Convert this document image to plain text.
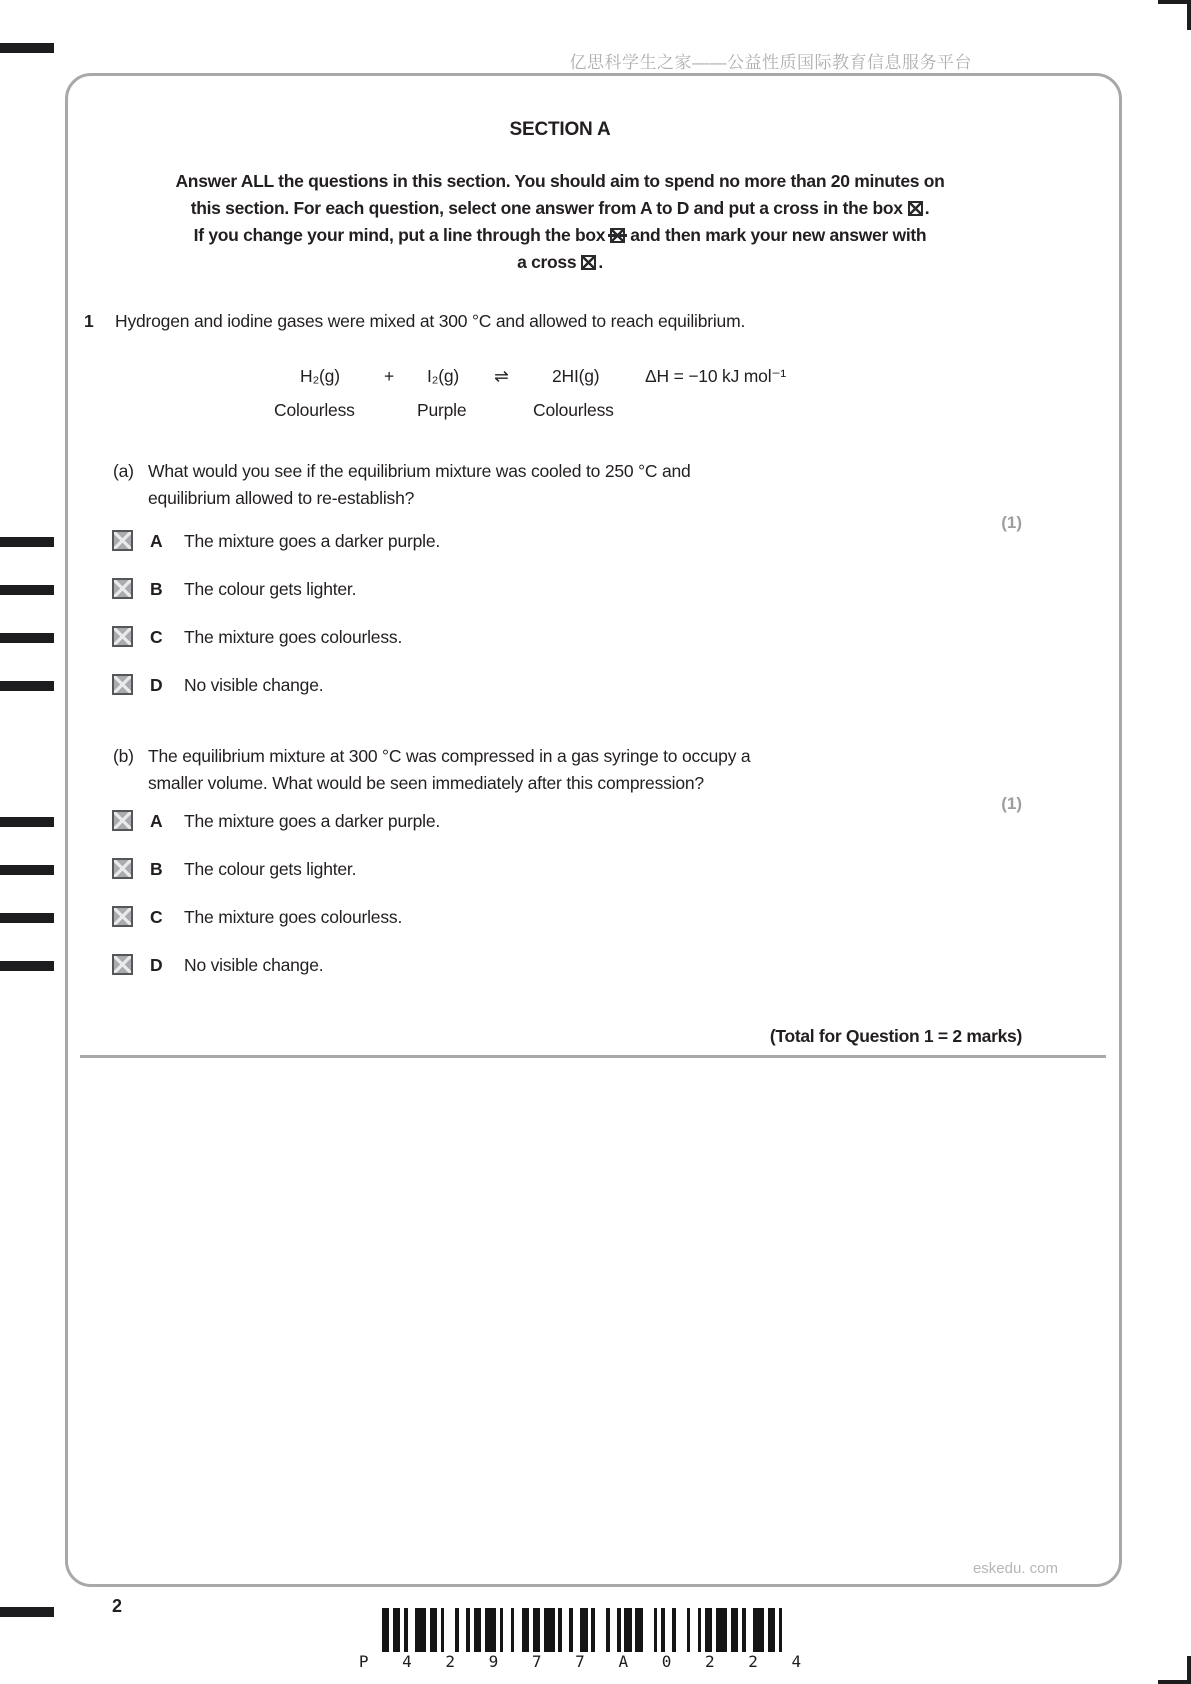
亿思科学生之家——公益性质国际教育信息服务平台
eskedu. com
SECTION A
Answer ALL the questions in this section. You should aim to spend no more than 20 minutes on
this section. For each question, select one answer from A to D and put a cross in the box .
If you change your mind, put a line through the box and then mark your new answer with
a cross .
1 Hydrogen and iodine gases were mixed at 300 °C and allowed to reach equilibrium.
H₂(g)	+ I₂(g) ⇌ 2HI(g)	ΔH = −10 kJ mol⁻¹
Colourless	Purple	Colourless
(a) What would you see if the equilibrium mixture was cooled to 250 °C and
equilibrium allowed to re-establish?
(1)
A The mixture goes a darker purple.
B The colour gets lighter.
C The mixture goes colourless.
D No visible change.
(b) The equilibrium mixture at 300 °C was compressed in a gas syringe to occupy a
smaller volume. What would be seen immediately after this compression?
(1)
A The mixture goes a darker purple.
B The colour gets lighter.
C The mixture goes colourless.
D No visible change.
(Total for Question 1 = 2 marks)
2
P 4 2 9 7 7 A 0 2 2 4
